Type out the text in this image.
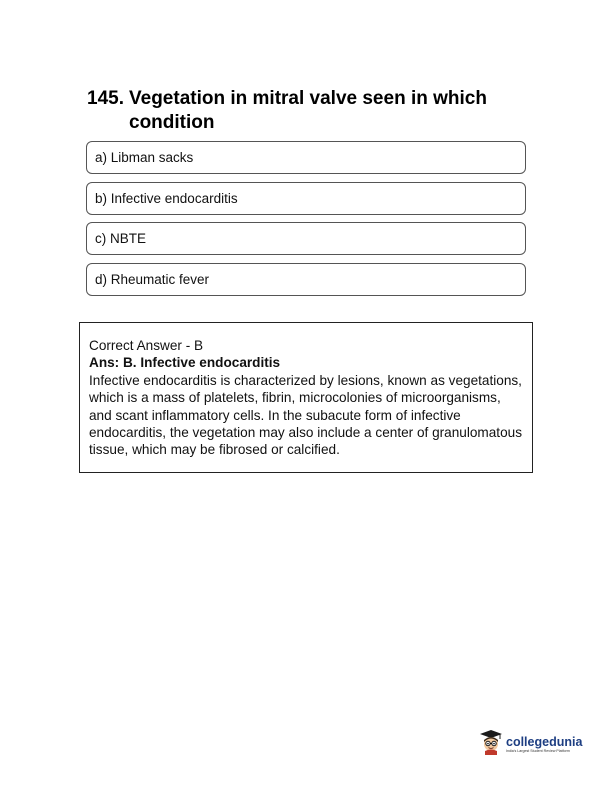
145. Vegetation in mitral valve seen in which condition
a) Libman sacks
b) Infective endocarditis
c) NBTE
d) Rheumatic fever
Correct Answer - B
Ans: B. Infective endocarditis
Infective endocarditis is characterized by lesions, known as vegetations, which is a mass of platelets, fibrin, microcolonies of microorganisms, and scant inflammatory cells. In the subacute form of infective endocarditis, the vegetation may also include a center of granulomatous tissue, which may be fibrosed or calcified.
collegedunia
India's Largest Student Review Platform
